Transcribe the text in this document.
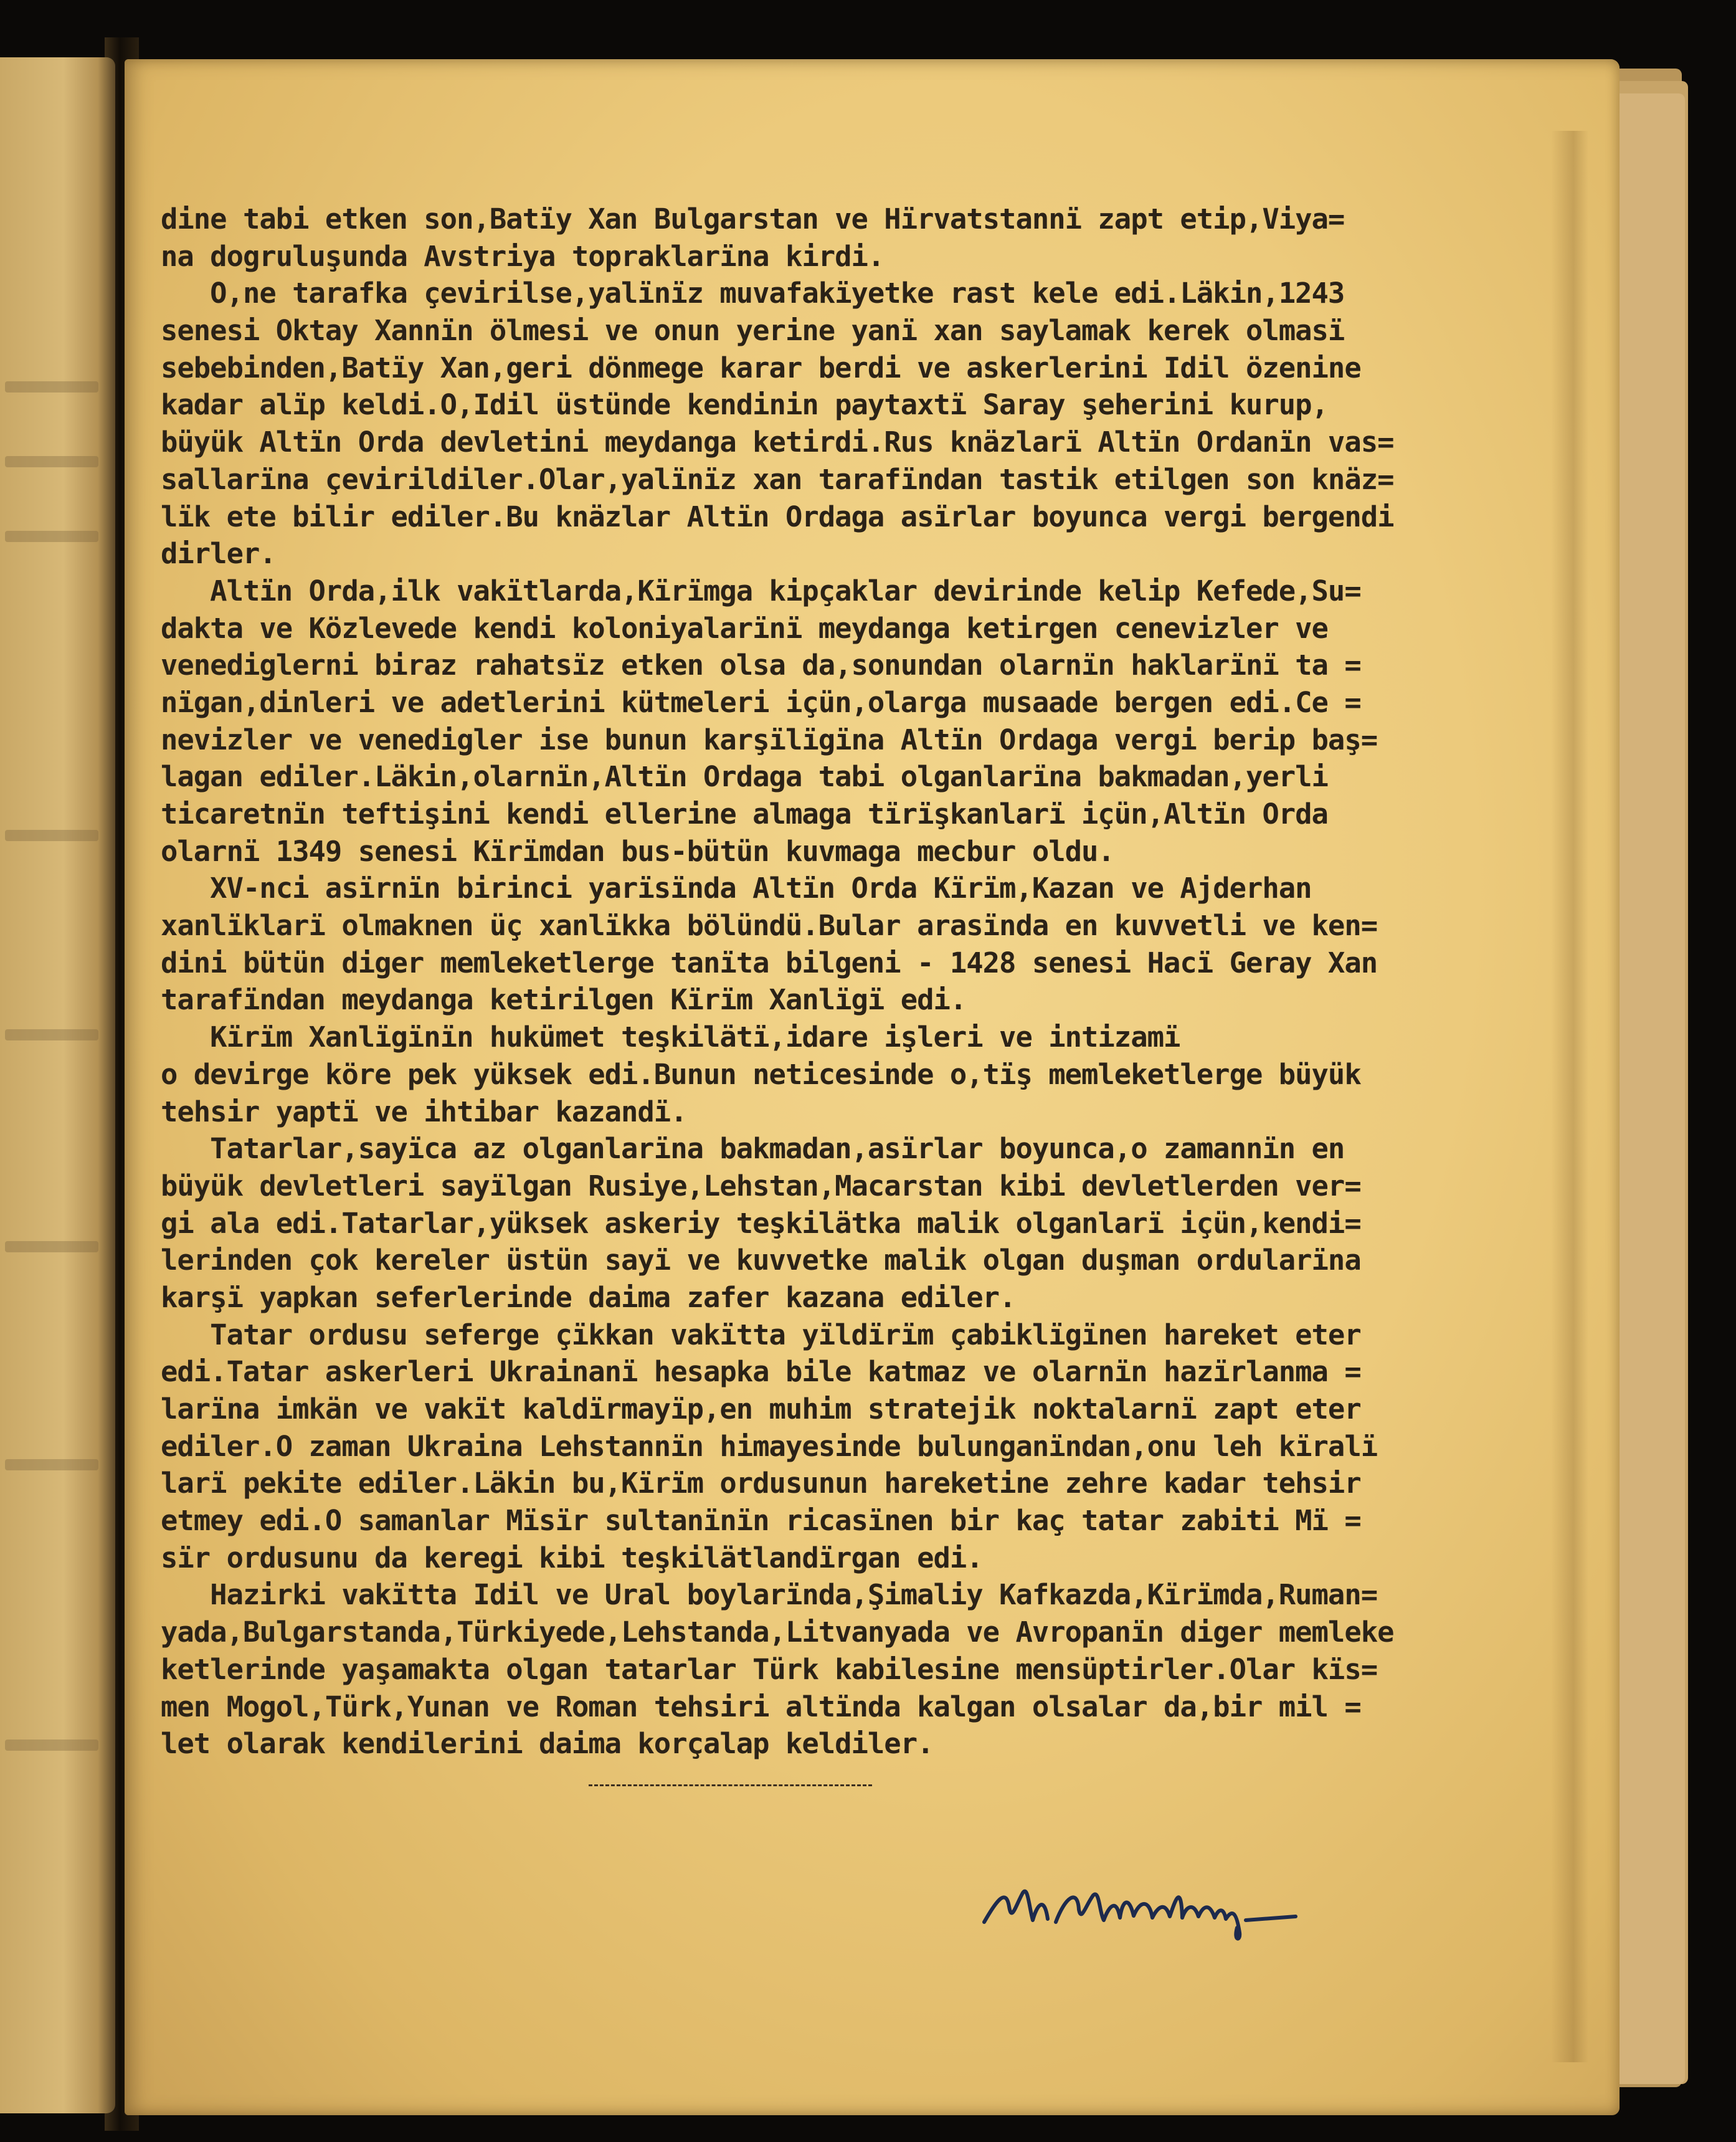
dine tabi etken son,Batïy Xan Bulgarstan ve Hïrvatstannï zapt etip,Viya=
na dogruluşunda Avstriya topraklarïna kirdi.
O,ne tarafka çevirilse,yalïnïz muvafakïyetke rast kele edi.Läkin,1243
senesi Oktay Xannïn ölmesi ve onun yerine yanï xan saylamak kerek olmasï
sebebinden,Batïy Xan,geri dönmege karar berdi ve askerlerini Idil özenine
kadar alïp keldi.O,Idil üstünde kendinin paytaxtï Saray şeherini kurup,
büyük Altïn Orda devletini meydanga ketirdi.Rus knäzlarï Altïn Ordanïn vas=
sallarïna çevirildiler.Olar,yalïnïz xan tarafïndan tastik etilgen son knäz=
lïk ete bilir ediler.Bu knäzlar Altïn Ordaga asïrlar boyunca vergi bergendi
dirler.
Altïn Orda,ilk vakïtlarda,Kïrïmga kipçaklar devirinde kelip Kefede,Su=
dakta ve Közlevede kendi koloniyalarïnï meydanga ketirgen cenevizler ve
venediglerni biraz rahatsïz etken olsa da,sonundan olarnïn haklarïnï ta =
nïgan,dinleri ve adetlerini kütmeleri içün,olarga musaade bergen edi.Ce =
nevizler ve venedigler ise bunun karşïlïgïna Altïn Ordaga vergi berip baş=
lagan ediler.Läkin,olarnïn,Altïn Ordaga tabi olganlarïna bakmadan,yerli
ticaretnïn teftişini kendi ellerine almaga tïrïşkanlarï içün,Altïn Orda
olarnï 1349 senesi Kïrïmdan bus-bütün kuvmaga mecbur oldu.
XV-nci asïrnïn birinci yarïsïnda Altïn Orda Kïrïm,Kazan ve Ajderhan
xanlïklarï olmaknen üç xanlïkka bölündü.Bular arasïnda en kuvvetli ve ken=
dini bütün diger memleketlerge tanïta bilgeni - 1428 senesi Hacï Geray Xan
tarafïndan meydanga ketirilgen Kïrïm Xanlïgï edi.
Kïrïm Xanlïgïnïn hukümet teşkilätï,idare işleri ve intizamï
o devirge köre pek yüksek edi.Bunun neticesinde o,tïş memleketlerge büyük
tehsir yaptï ve ihtibar kazandï.
Tatarlar,sayïca az olganlarïna bakmadan,asïrlar boyunca,o zamannïn en
büyük devletleri sayïlgan Rusiye,Lehstan,Macarstan kibi devletlerden ver=
gi ala edi.Tatarlar,yüksek askeriy teşkilätka malik olganlarï içün,kendi=
lerinden çok kereler üstün sayï ve kuvvetke malik olgan duşman ordularïna
karşï yapkan seferlerinde daima zafer kazana ediler.
Tatar ordusu seferge çïkkan vakïtta yïldïrïm çabiklïgïnen hareket eter
edi.Tatar askerleri Ukrainanï hesapka bile katmaz ve olarnïn hazïrlanma =
larïna imkän ve vakït kaldïrmayïp,en muhim stratejik noktalarnï zapt eter
ediler.O zaman Ukraina Lehstannïn himayesinde bulunganïndan,onu leh kïralï
larï pekite ediler.Läkin bu,Kïrïm ordusunun hareketine zehre kadar tehsir
etmey edi.O samanlar Mïsïr sultanïnïn ricasïnen bir kaç tatar zabiti Mï =
sïr ordusunu da keregi kibi teşkilätlandïrgan edi.
Hazirki vakïtta Idil ve Ural boylarïnda,Şimaliy Kafkazda,Kïrïmda,Ruman=
yada,Bulgarstanda,Türkiyede,Lehstanda,Litvanyada ve Avropanïn diger memleke
ketlerinde yaşamakta olgan tatarlar Türk kabilesine mensüptirler.Olar kïs=
men Mogol,Türk,Yunan ve Roman tehsiri altïnda kalgan olsalar da,bir mil =
let olarak kendilerini daima korçalap keldiler.
